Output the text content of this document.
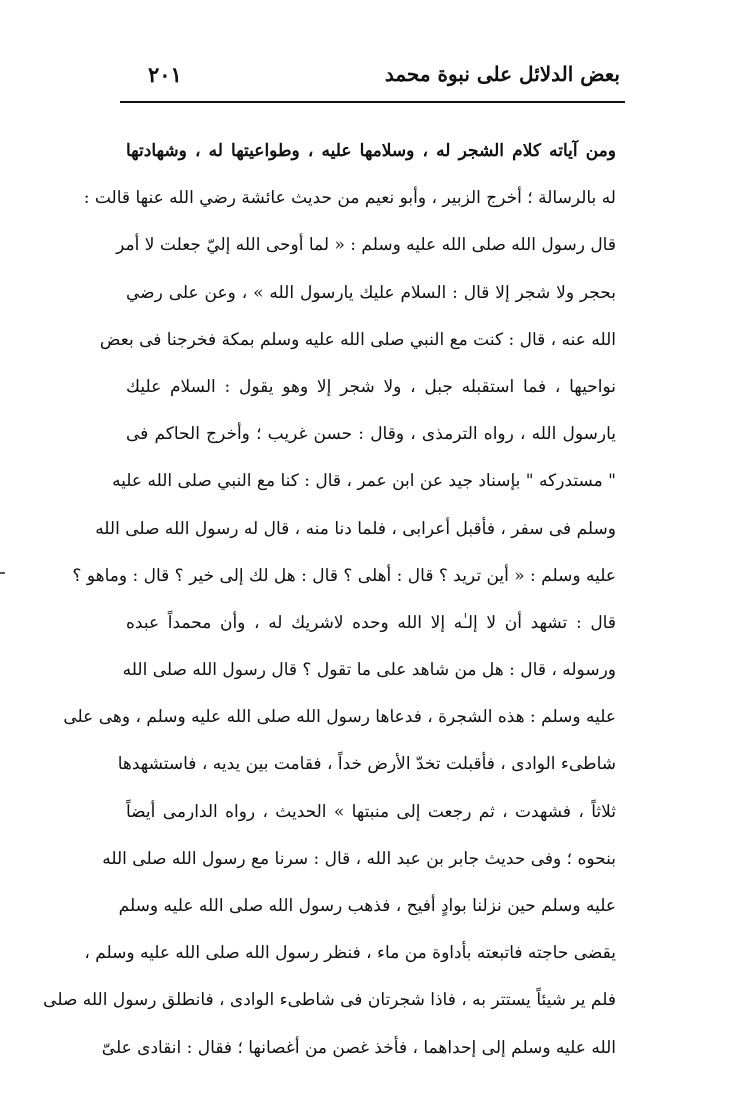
بعض الدلائل على نبوة محمد
٢٠١
ومن آياته كلام الشجر له ، وسلامها عليه ، وطواعيتها له ، وشهادتها
له بالرسالة ؛ أخرج الزبير ، وأبو نعيم من حديث عائشة رضي الله عنها قالت :
قال رسول الله صلى الله عليه وسلم : « لما أوحى الله إليّ جعلت لا أمر
بحجر ولا شجر إلا قال : السلام عليك يارسول الله » ، وعن على رضي
الله عنه ، قال : كنت مع النبي صلى الله عليه وسلم بمكة فخرجنا فى بعض
نواحيها ، فما استقبله جبل ، ولا شجر إلا وهو يقول : السلام عليك
يارسول الله ، رواه الترمذى ، وقال : حسن غريب ؛ وأخرج الحاكم فى
" مستدركه " بإسناد جيد عن ابن عمر ، قال : كنا مع النبي صلى الله عليه
وسلم فى سفر ، فأقبل أعرابى ، فلما دنا منه ، قال له رسول الله صلى الله
عليه وسلم : « أين تريد ؟ قال : أهلى ؟ قال : هل لك إلى خير ؟ قال : وماهو ؟
قال : تشهد أن لا إلـٰه إلا الله وحده لاشريك له ، وأن محمداً عبده
ورسوله ، قال : هل من شاهد على ما تقول ؟ قال رسول الله صلى الله
عليه وسلم : هذه الشجرة ، فدعاها رسول الله صلى الله عليه وسلم ، وهى على
شاطىء الوادى ، فأقبلت تخدّ الأرض خداً ، فقامت بين يديه ، فاستشهدها
ثلاثاً ، فشهدت ، ثم رجعت إلى منبتها » الحديث ، رواه الدارمى أيضاً
بنحوه ؛ وفى حديث جابر بن عبد الله ، قال : سرنا مع رسول الله صلى الله
عليه وسلم حين نزلنا بوادٍ أفيح ، فذهب رسول الله صلى الله عليه وسلم
يقضى حاجته فاتبعته بأداوة من ماء ، فنظر رسول الله صلى الله عليه وسلم ،
فلم ير شيئاً يستتر به ، فاذا شجرتان فى شاطىء الوادى ، فانطلق رسول الله صلى
الله عليه وسلم إلى إحداهما ، فأخذ غصن من أغصانها ؛ فقال : انقادى علىّ
